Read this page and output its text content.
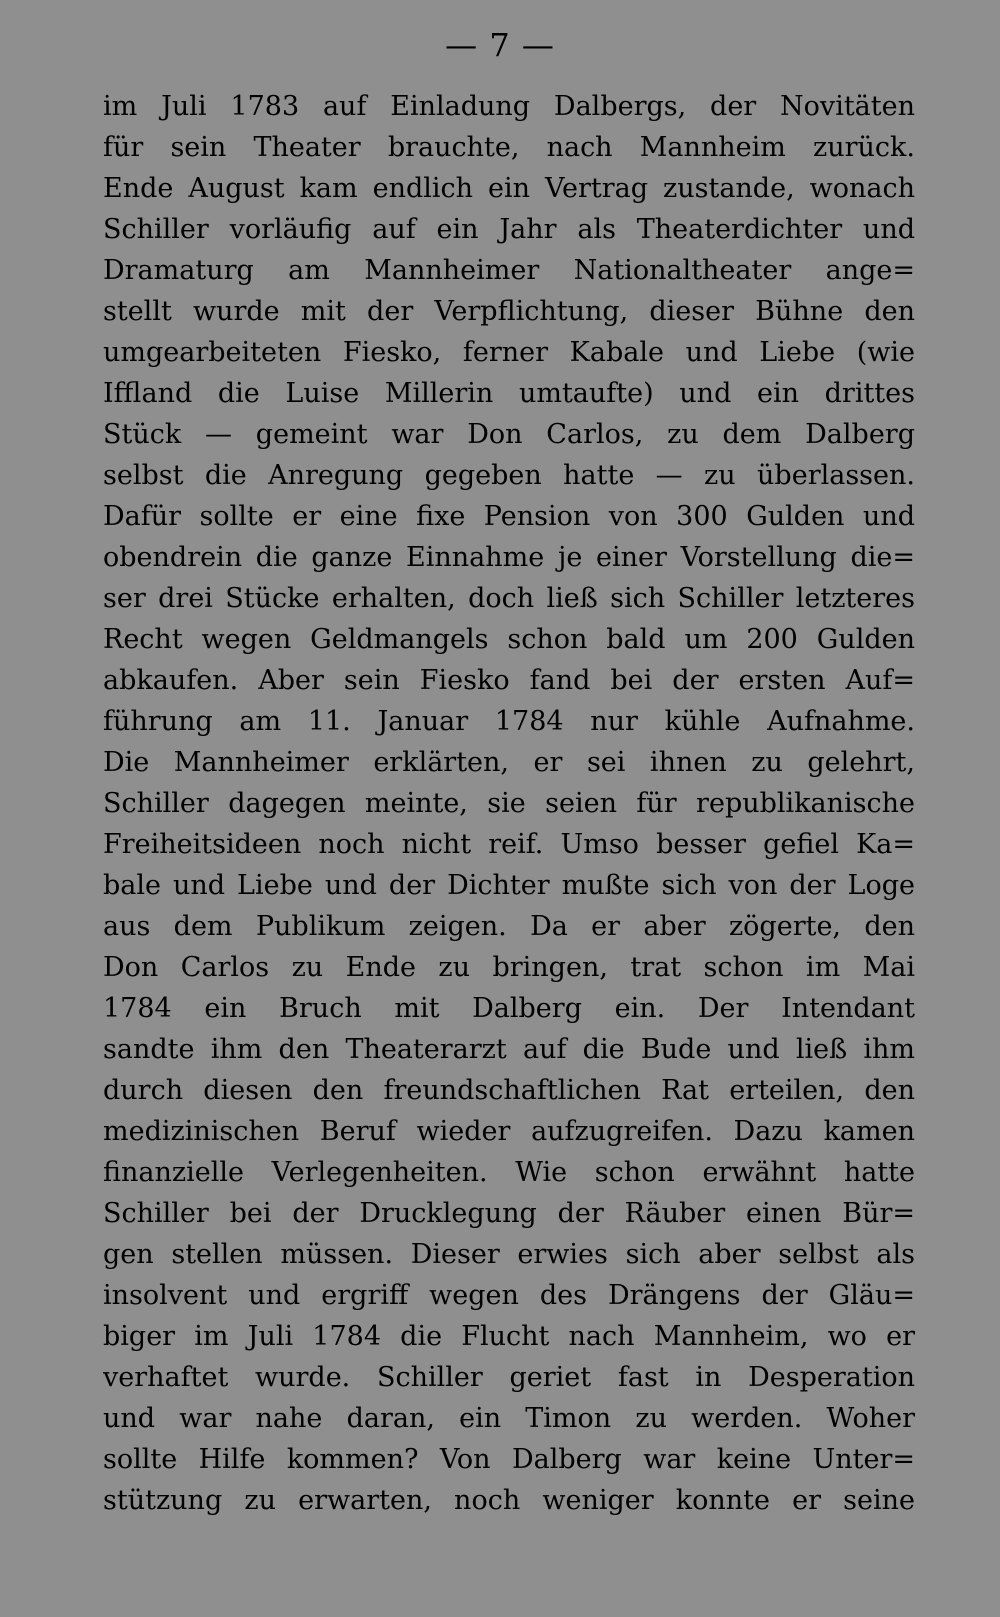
— 7 —
im Juli 1783 auf Einladung Dalbergs, der Novitäten
für sein Theater brauchte, nach Mannheim zurück.
Ende August kam endlich ein Vertrag zustande, wonach
Schiller vorläufig auf ein Jahr als Theaterdichter und
Dramaturg am Mannheimer Nationaltheater ange=
stellt wurde mit der Verpflichtung, dieser Bühne den
umgearbeiteten Fiesko, ferner Kabale und Liebe (wie
Iffland die Luise Millerin umtaufte) und ein drittes
Stück — gemeint war Don Carlos, zu dem Dalberg
selbst die Anregung gegeben hatte — zu überlassen.
Dafür sollte er eine fixe Pension von 300 Gulden und
obendrein die ganze Einnahme je einer Vorstellung die=
ser drei Stücke erhalten, doch ließ sich Schiller letzteres
Recht wegen Geldmangels schon bald um 200 Gulden
abkaufen. Aber sein Fiesko fand bei der ersten Auf=
führung am 11. Januar 1784 nur kühle Aufnahme.
Die Mannheimer erklärten, er sei ihnen zu gelehrt,
Schiller dagegen meinte, sie seien für republikanische
Freiheitsideen noch nicht reif. Umso besser gefiel Ka=
bale und Liebe und der Dichter mußte sich von der Loge
aus dem Publikum zeigen. Da er aber zögerte, den
Don Carlos zu Ende zu bringen, trat schon im Mai
1784 ein Bruch mit Dalberg ein. Der Intendant
sandte ihm den Theaterarzt auf die Bude und ließ ihm
durch diesen den freundschaftlichen Rat erteilen, den
medizinischen Beruf wieder aufzugreifen. Dazu kamen
finanzielle Verlegenheiten. Wie schon erwähnt hatte
Schiller bei der Drucklegung der Räuber einen Bür=
gen stellen müssen. Dieser erwies sich aber selbst als
insolvent und ergriff wegen des Drängens der Gläu=
biger im Juli 1784 die Flucht nach Mannheim, wo er
verhaftet wurde. Schiller geriet fast in Desperation
und war nahe daran, ein Timon zu werden. Woher
sollte Hilfe kommen? Von Dalberg war keine Unter=
stützung zu erwarten, noch weniger konnte er seine
